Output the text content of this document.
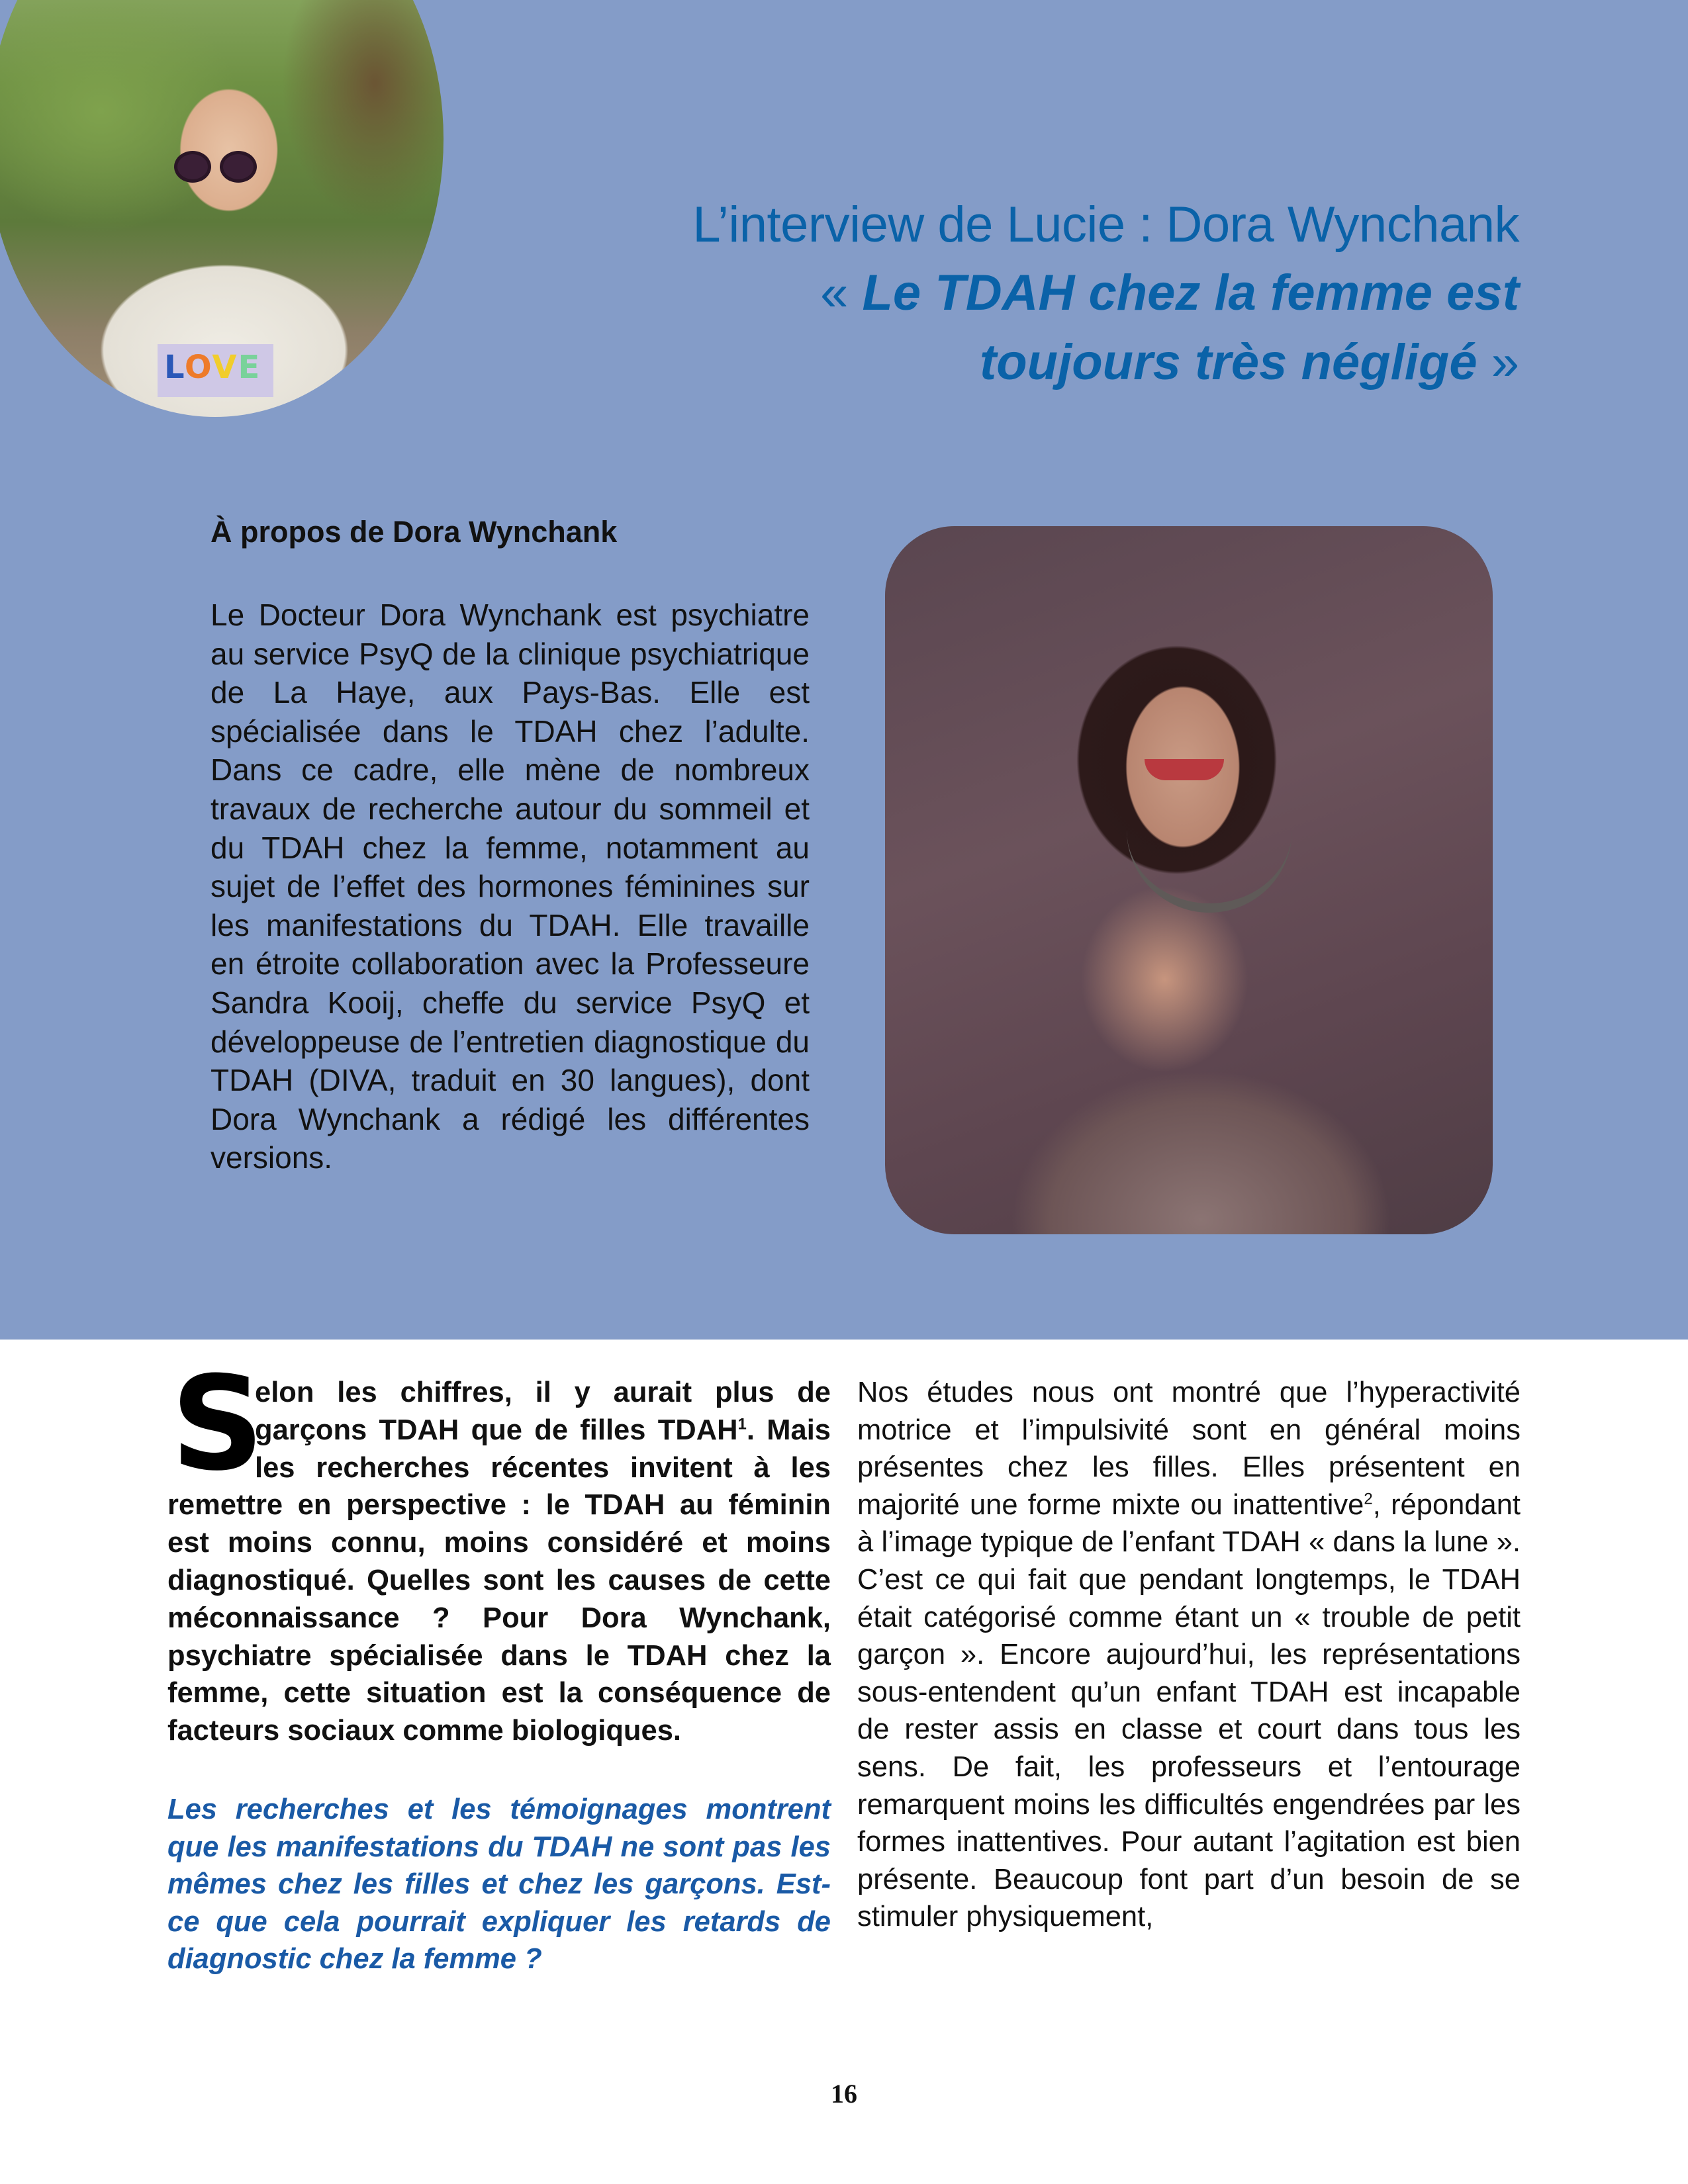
LOVE
L’interview de Lucie : Dora Wynchank
« Le TDAH chez la femme est
toujours très négligé »
À propos de Dora Wynchank
Le Docteur Dora Wynchank est psychiatre au service PsyQ de la clinique psychiatrique de La Haye, aux Pays-Bas. Elle est spécialisée dans le TDAH chez l’adulte. Dans ce cadre, elle mène de nombreux travaux de recherche autour du sommeil et du TDAH chez la femme, notamment au sujet de l’effet des hormones féminines sur les manifestations du TDAH. Elle travaille en étroite collaboration avec la Professeure Sandra Kooij, cheffe du service PsyQ et développeuse de l’entretien diagnostique du TDAH (DIVA, traduit en 30 langues), dont Dora Wynchank a rédigé les différentes versions.
S
elon les chiffres, il y aurait plus de garçons TDAH que de filles TDAH$^1$. Mais les recherches récentes invitent à les remettre en perspective : le TDAH au féminin est moins connu, moins considéré et moins diagnostiqué. Quelles sont les causes de cette méconnaissance ? Pour Dora Wynchank, psychiatre spécialisée dans le TDAH chez la femme, cette situation est la conséquence de facteurs sociaux comme biologiques.
Les recherches et les témoignages montrent que les manifestations du TDAH ne sont pas les mêmes chez les filles et chez les garçons. Est-ce que cela pourrait expliquer les retards de diagnostic chez la femme ?
Nos études nous ont montré que l’hyperactivité motrice et l’impulsivité sont en général moins présentes chez les filles. Elles présentent en majorité une forme mixte ou inattentive$^2$, répondant à l’image typique de l’enfant TDAH « dans la lune ». C’est ce qui fait que pendant longtemps, le TDAH était catégorisé comme étant un « trouble de petit garçon ». Encore aujourd’hui, les représentations sous-entendent qu’un enfant TDAH est incapable de rester assis en classe et court dans tous les sens. De fait, les professeurs et l’entourage remarquent moins les difficultés engendrées par les formes inattentives. Pour autant l’agitation est bien présente. Beaucoup font part d’un besoin de se stimuler physiquement,
16
